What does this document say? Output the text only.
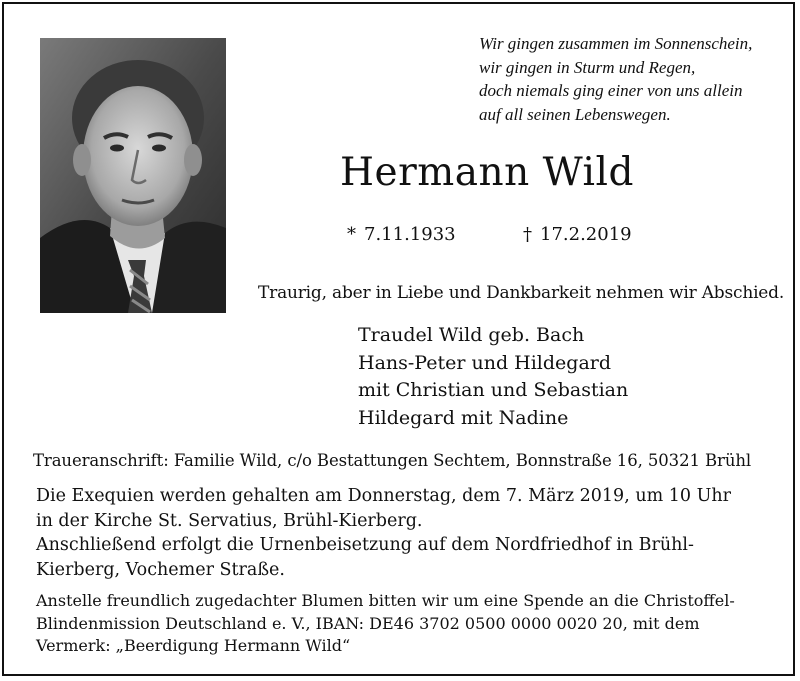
Wir gingen zusammen im Sonnenschein,
wir gingen in Sturm und Regen,
doch niemals ging einer von uns allein
auf all seinen Lebenswegen.
Hermann Wild
* 7.11.1933	† 17.2.2019
Traurig, aber in Liebe und Dankbarkeit nehmen wir Abschied.
Traudel Wild geb. Bach
Hans-Peter und Hildegard
mit Christian und Sebastian
Hildegard mit Nadine
Traueranschrift: Familie Wild, c/o Bestattungen Sechtem, Bonnstraße 16, 50321 Brühl
Die Exequien werden gehalten am Donnerstag, dem 7. März 2019, um 10 Uhr
in der Kirche St. Servatius, Brühl-Kierberg.
Anschließend erfolgt die Urnenbeisetzung auf dem Nordfriedhof in Brühl-
Kierberg, Vochemer Straße.
Anstelle freundlich zugedachter Blumen bitten wir um eine Spende an die Christoffel-
Blindenmission Deutschland e. V., IBAN: DE46 3702 0500 0000 0020 20, mit dem
Vermerk: „Beerdigung Hermann Wild“
